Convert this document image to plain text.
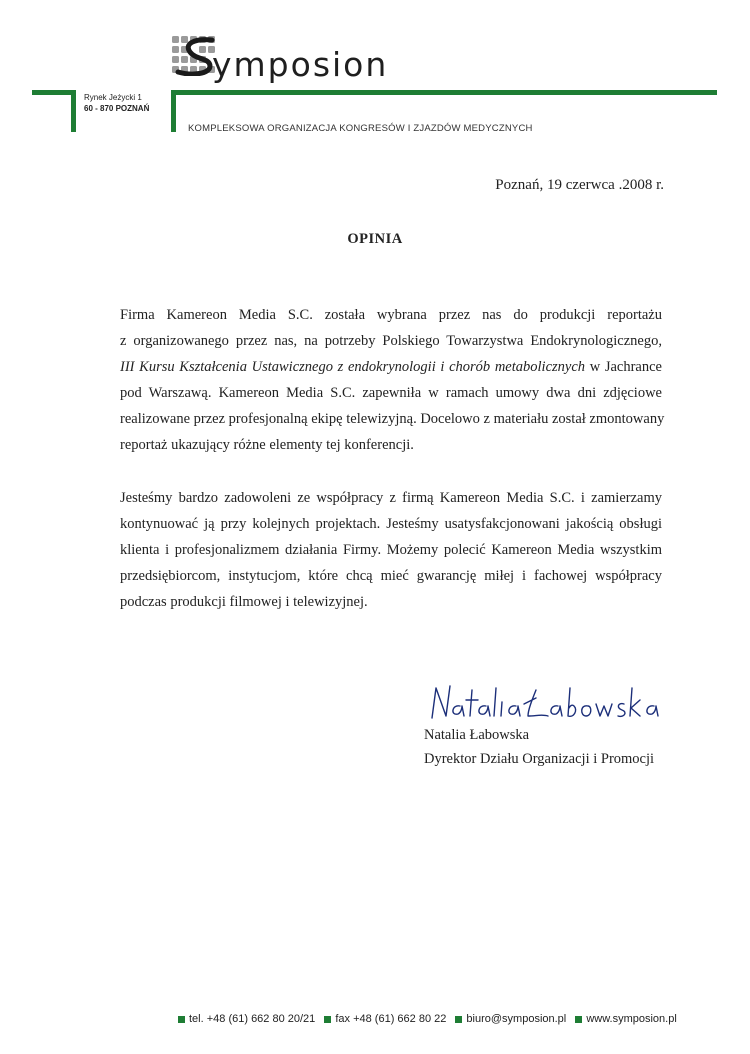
ymposion
Rynek Jeżycki 1
60 - 870 POZNAŃ
KOMPLEKSOWA ORGANIZACJA KONGRESÓW I ZJAZDÓW MEDYCZNYCH
Poznań, 19 czerwca .2008 r.
OPINIA
Firma Kamereon Media S.C. została wybrana przez nas do produkcji reportażu
z organizowanego przez nas, na potrzeby Polskiego Towarzystwa Endokrynologicznego,
III Kursu Kształcenia Ustawicznego z endokrynologii i chorób metabolicznych w Jachrance
pod Warszawą. Kamereon Media S.C. zapewniła w ramach umowy dwa dni zdjęciowe
realizowane przez profesjonalną ekipę telewizyjną. Docelowo z materiału został zmontowany
reportaż ukazujący różne elementy tej konferencji.
Jesteśmy bardzo zadowoleni ze współpracy z firmą Kamereon Media S.C. i zamierzamy
kontynuować ją przy kolejnych projektach. Jesteśmy usatysfakcjonowani jakością obsługi
klienta i profesjonalizmem działania Firmy. Możemy polecić Kamereon Media wszystkim
przedsiębiorcom, instytucjom, które chcą mieć gwarancję miłej i fachowej współpracy
podczas produkcji filmowej i telewizyjnej.
Natalia Łabowska
Natalia Łabowska
Dyrektor Działu Organizacji i Promocji
tel. +48 (61) 662 80 20/21 fax +48 (61) 662 80 22 biuro@symposion.pl www.symposion.pl
